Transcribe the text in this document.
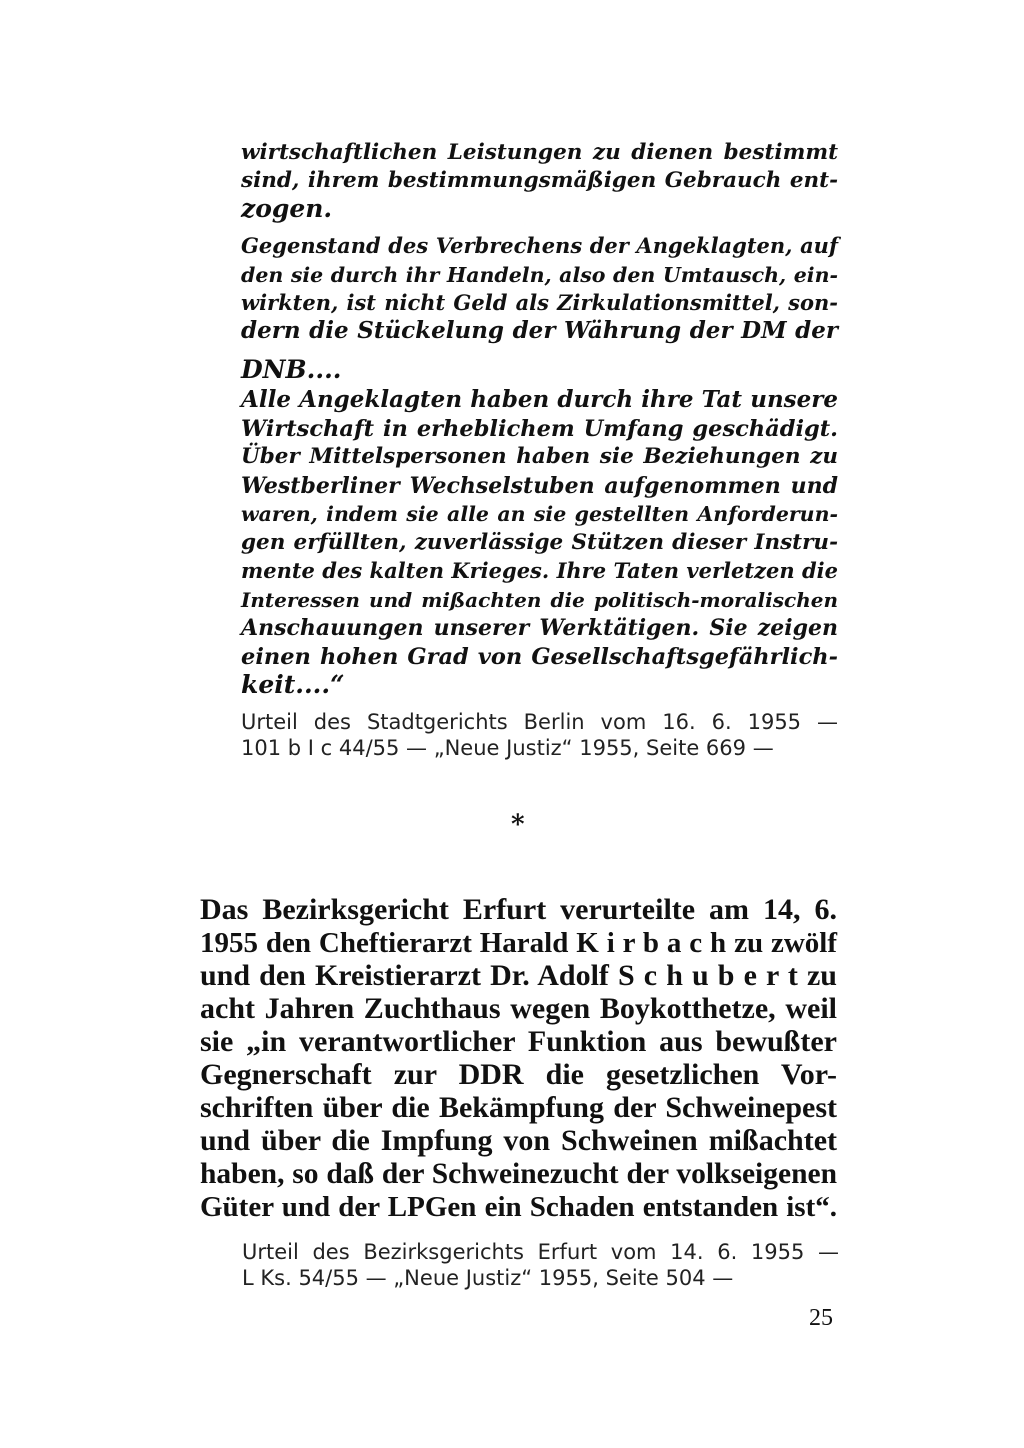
wirtschaftlichen Leistungen zu dienen bestimmt
sind, ihrem bestimmungsmäßigen Gebrauch ent-
zogen.
Gegenstand des Verbrechens der Angeklagten, auf
den sie durch ihr Handeln, also den Umtausch, ein-
wirkten, ist nicht Geld als Zirkulationsmittel, son-
dern die Stückelung der Währung der DM der
DNB....
Alle Angeklagten haben durch ihre Tat unsere
Wirtschaft in erheblichem Umfang geschädigt.
Über Mittelspersonen haben sie Beziehungen zu
Westberliner Wechselstuben aufgenommen und
waren, indem sie alle an sie gestellten Anforderun-
gen erfüllten, zuverlässige Stützen dieser Instru-
mente des kalten Krieges. Ihre Taten verletzen die
Interessen und mißachten die politisch-moralischen
Anschauungen unserer Werktätigen. Sie zeigen
einen hohen Grad von Gesellschaftsgefährlich-
keit....“
Urteil des Stadtgerichts Berlin vom 16. 6. 1955 —
101 b I c 44/55 — „Neue Justiz“ 1955, Seite 669 —
*
Das Bezirksgericht Erfurt verurteilte am 14, 6.
1955 den Cheftierarzt Harald K i r b a c h zu zwölf
und den Kreistierarzt Dr. Adolf S c h u b e r t zu
acht Jahren Zuchthaus wegen Boykotthetze, weil
sie „in verantwortlicher Funktion aus bewußter
Gegnerschaft zur DDR die gesetzlichen Vor-
schriften über die Bekämpfung der Schweinepest
und über die Impfung von Schweinen mißachtet
haben, so daß der Schweinezucht der volkseigenen
Güter und der LPGen ein Schaden entstanden ist“.
Urteil des Bezirksgerichts Erfurt vom 14. 6. 1955 —
L Ks. 54/55 — „Neue Justiz“ 1955, Seite 504 —
25
